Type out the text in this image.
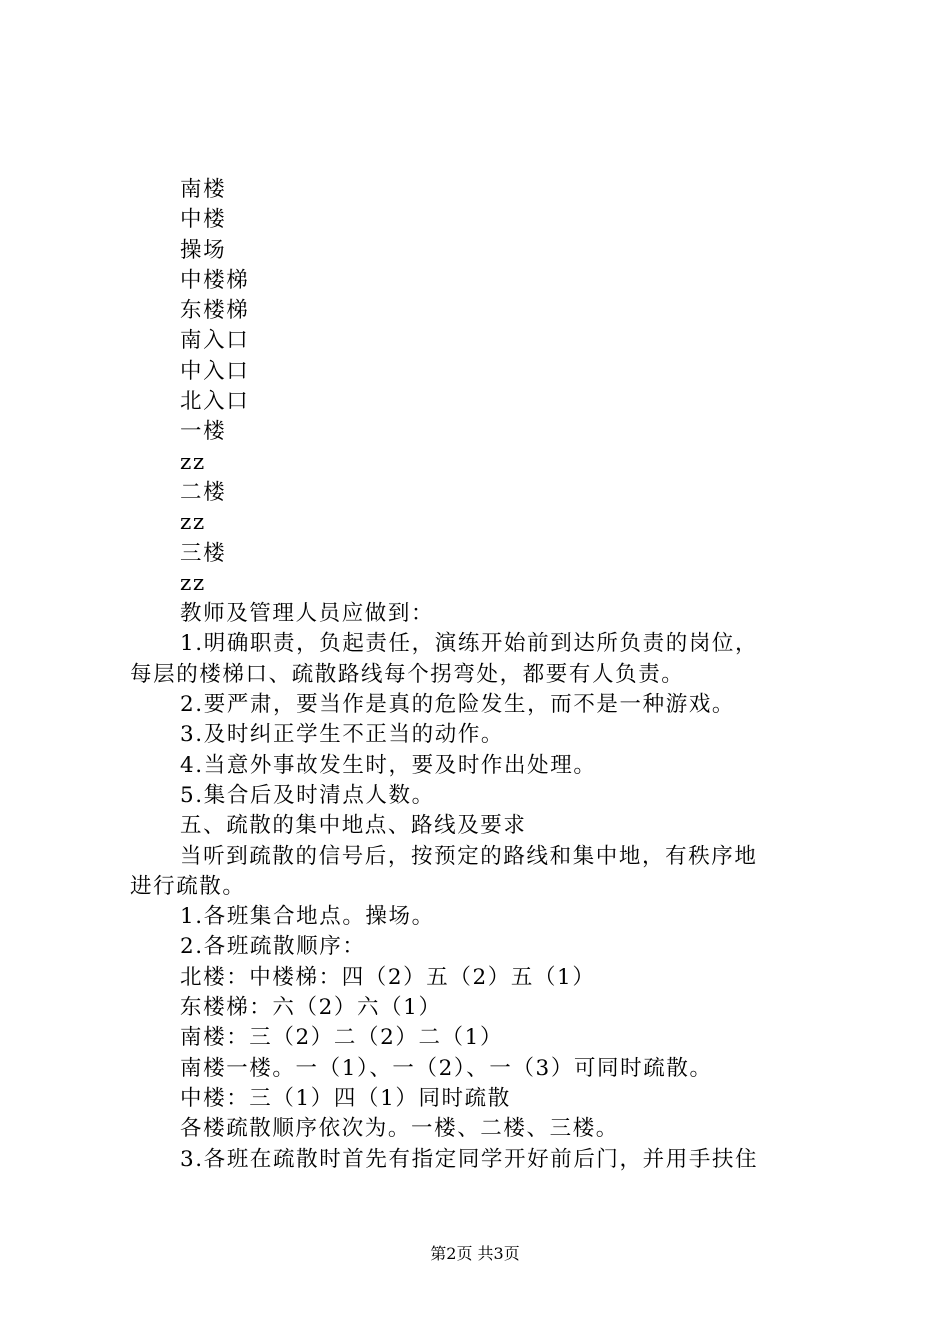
南楼
中楼
操场
中楼梯
东楼梯
南入口
中入口
北入口
一楼
zz
二楼
zz
三楼
zz
教师及管理人员应做到：
1.明确职责，负起责任，演练开始前到达所负责的岗位，
每层的楼梯口、疏散路线每个拐弯处，都要有人负责。
2.要严肃，要当作是真的危险发生，而不是一种游戏。
3.及时纠正学生不正当的动作。
4.当意外事故发生时，要及时作出处理。
5.集合后及时清点人数。
五、疏散的集中地点、路线及要求
当听到疏散的信号后，按预定的路线和集中地，有秩序地
进行疏散。
1.各班集合地点。操场。
2.各班疏散顺序：
北楼：中楼梯：四（2）五（2）五（1）
东楼梯：六（2）六（1）
南楼：三（2）二（2）二（1）
南楼一楼。一（1）、一（2）、一（3）可同时疏散。
中楼：三（1）四（1）同时疏散
各楼疏散顺序依次为。一楼、二楼、三楼。
3.各班在疏散时首先有指定同学开好前后门，并用手扶住
第2页 共3页
